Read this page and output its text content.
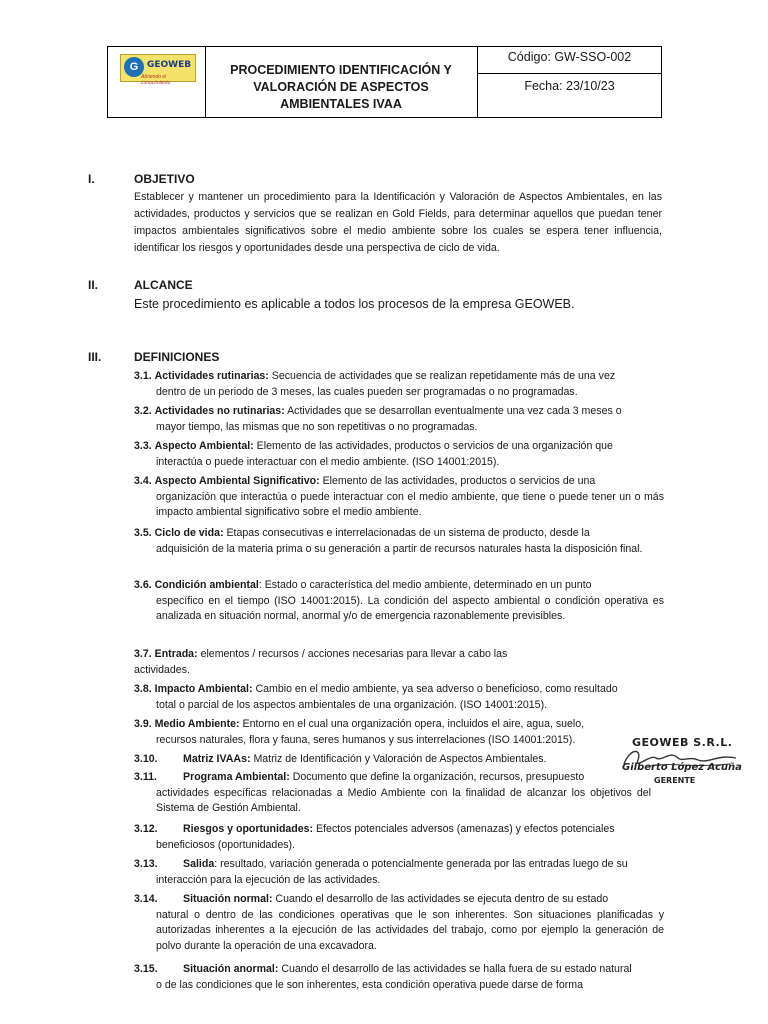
G GEOWEB
Abriendo el conocimiento
PROCEDIMIENTO IDENTIFICACIÓN Y VALORACIÓN DE ASPECTOS AMBIENTALES IVAA
Código: GW-SSO-002
Fecha: 23/10/23
I.	OBJETIVO
Establecer y mantener un procedimiento para la Identificación y Valoración de Aspectos Ambientales, en las actividades, productos y servicios que se realizan en Gold Fields, para determinar aquellos que puedan tener impactos ambientales significativos sobre el medio ambiente sobre los cuales se espera tener influencia, identificar los riesgos y oportunidades desde una perspectiva de ciclo de vida.
II.	ALCANCE
Este procedimiento es aplicable a todos los procesos de la empresa GEOWEB.
III.	DEFINICIONES
3.1. Actividades rutinarias: Secuencia de actividades que se realizan repetidamente más de una vez
dentro de un periodo de 3 meses, las cuales pueden ser programadas o no programadas.
3.2. Actividades no rutinarias: Actividades que se desarrollan eventualmente una vez cada 3 meses o
mayor tiempo, las mismas que no son repetitivas o no programadas.
3.3. Aspecto Ambiental: Elemento de las actividades, productos o servicios de una organización que
interactúa o puede interactuar con el medio ambiente. (ISO 14001:2015).
3.4. Aspecto Ambiental Significativo: Elemento de las actividades, productos o servicios de una
organización que interactúa o puede interactuar con el medio ambiente, que tiene o puede tener un o más impacto ambiental significativo sobre el medio ambiente.
3.5. Ciclo de vida: Etapas consecutivas e interrelacionadas de un sistema de producto, desde la
adquisición de la materia prima o su generación a partir de recursos naturales hasta la disposición final.
3.6. Condición ambiental: Estado o característica del medio ambiente, determinado en un punto
específico en el tiempo (ISO 14001:2015). La condición del aspecto ambiental o condición operativa es analizada en situación normal, anormal y/o de emergencia razonablemente previsibles.
3.7. Entrada: elementos / recursos / acciones necesarias para llevar a cabo las
actividades.
3.8. Impacto Ambiental: Cambio en el medio ambiente, ya sea adverso o beneficioso, como resultado
total o parcial de los aspectos ambientales de una organización. (ISO 14001:2015).
3.9. Medio Ambiente: Entorno en el cual una organización opera, incluidos el aire, agua, suelo,
recursos naturales, flora y fauna, seres humanos y sus interrelaciones (ISO 14001:2015).
3.10. Matriz IVAAs: Matriz de Identificación y Valoración de Aspectos Ambientales.
3.11. Programa Ambiental: Documento que define la organización, recursos, presupuesto
actividades específicas relacionadas a Medio Ambiente con la finalidad de alcanzar los objetivos del Sistema de Gestión Ambiental.
3.12. Riesgos y oportunidades: Efectos potenciales adversos (amenazas) y efectos potenciales
beneficiosos (oportunidades).
3.13. Salida: resultado, variación generada o potencialmente generada por las entradas luego de su
interacción para la ejecución de las actividades.
3.14. Situación normal: Cuando el desarrollo de las actividades se ejecuta dentro de su estado
natural o dentro de las condiciones operativas que le son inherentes. Son situaciones planificadas y autorizadas inherentes a la ejecución de las actividades del trabajo, como por ejemplo la generación de polvo durante la operación de una excavadora.
3.15. Situación anormal: Cuando el desarrollo de las actividades se halla fuera de su estado natural
o de las condiciones que le son inherentes, esta condición operativa puede darse de forma
GEOWEB S.R.L.
Gilberto López Acuña
GERENTE
